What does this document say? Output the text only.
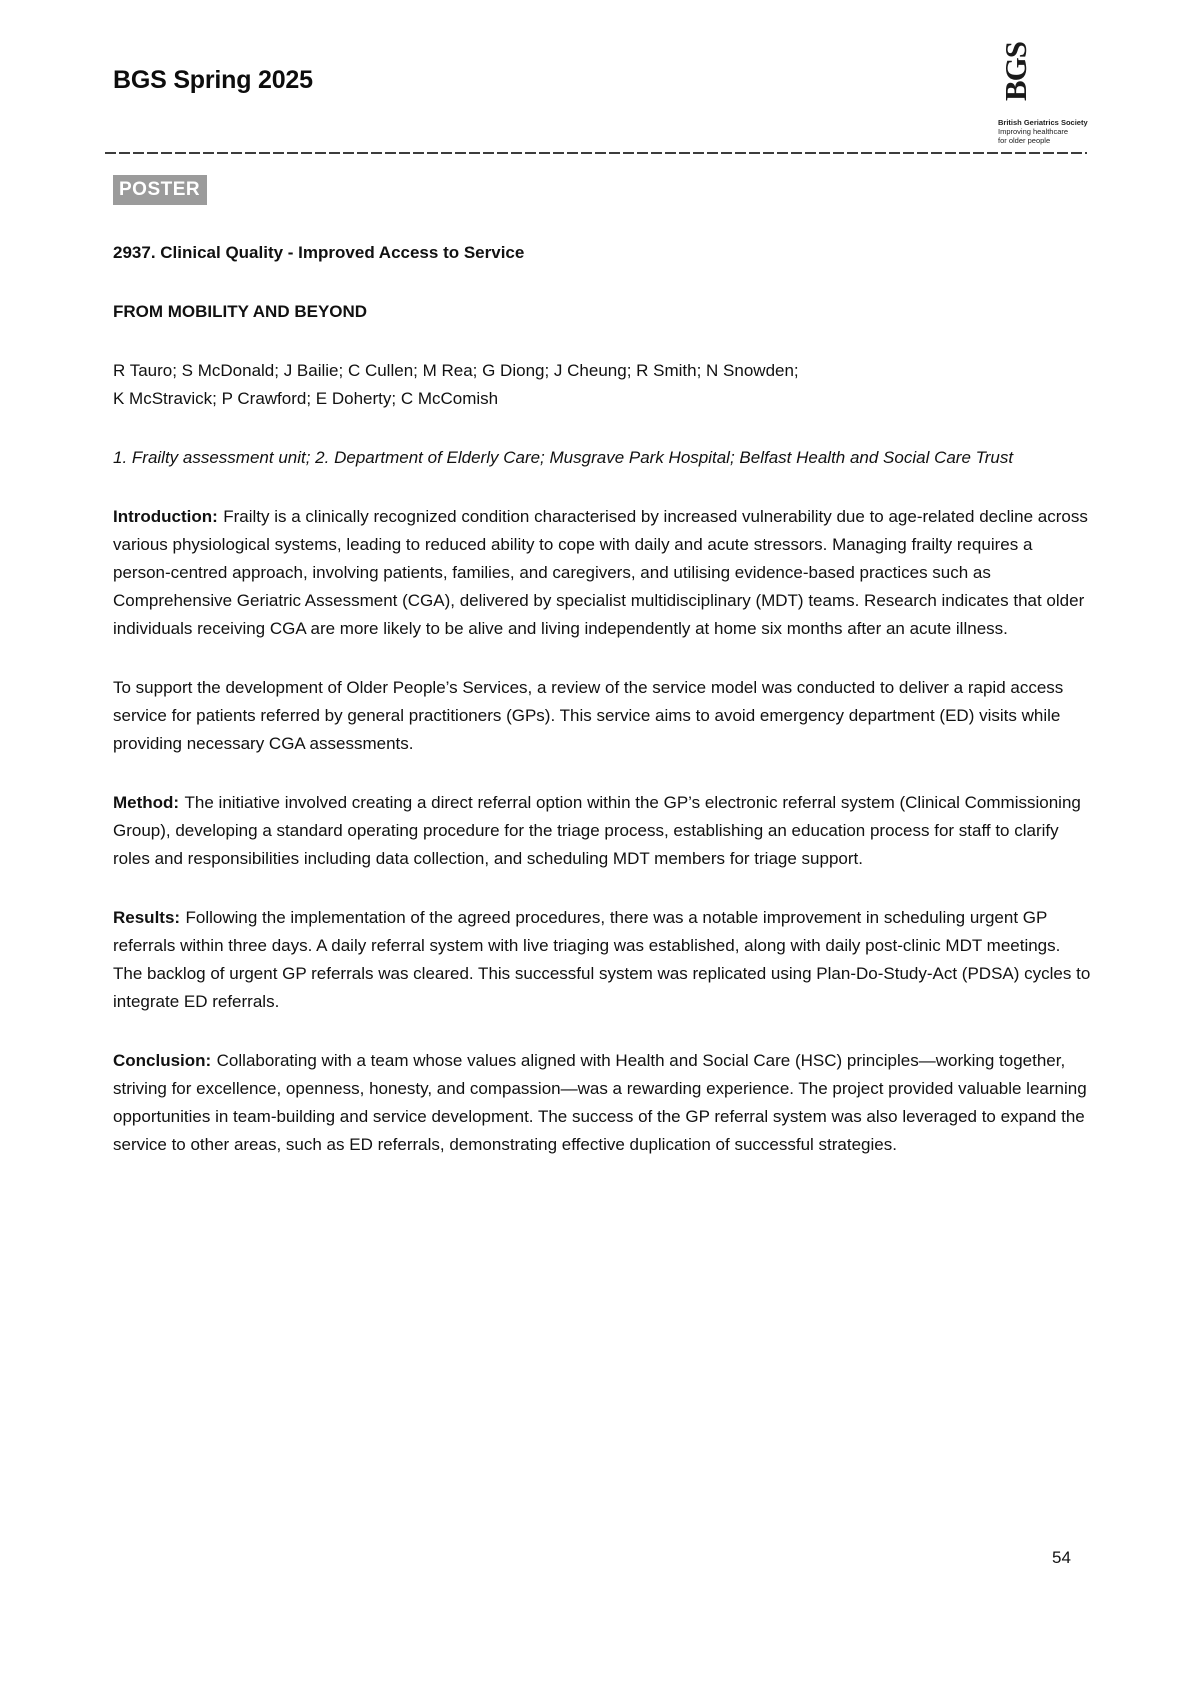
BGS Spring 2025	BGS
British Geriatrics Society
Improving healthcare
for older people
POSTER
2937. Clinical Quality - Improved Access to Service
FROM MOBILITY AND BEYOND
R Tauro; S McDonald; J Bailie; C Cullen; M Rea; G Diong; J Cheung; R Smith; N Snowden;
K McStravick; P Crawford; E Doherty; C McComish
1. Frailty assessment unit; 2. Department of Elderly Care; Musgrave Park Hospital; Belfast Health and Social Care Trust

Introduction: Frailty is a clinically recognized condition characterised by increased vulnerability due to age-related decline across various physiological systems, leading to reduced ability to cope with daily and acute stressors. Managing frailty requires a person-centred approach, involving patients, families, and caregivers, and utilising evidence-based practices such as Comprehensive Geriatric Assessment (CGA), delivered by specialist multidisciplinary (MDT) teams. Research indicates that older individuals receiving CGA are more likely to be alive and living independently at home six months after an acute illness.

To support the development of Older People’s Services, a review of the service model was conducted to deliver a rapid access service for patients referred by general practitioners (GPs). This service aims to avoid emergency department (ED) visits while providing necessary CGA assessments.

Method: The initiative involved creating a direct referral option within the GP’s electronic referral system (Clinical Commissioning Group), developing a standard operating procedure for the triage process, establishing an education process for staff to clarify roles and responsibilities including data collection, and scheduling MDT members for triage support.

Results: Following the implementation of the agreed procedures, there was a notable improvement in scheduling urgent GP referrals within three days. A daily referral system with live triaging was established, along with daily post-clinic MDT meetings. The backlog of urgent GP referrals was cleared. This successful system was replicated using Plan-Do-Study-Act (PDSA) cycles to integrate ED referrals.

Conclusion: Collaborating with a team whose values aligned with Health and Social Care (HSC) principles—working together, striving for excellence, openness, honesty, and compassion—was a rewarding experience. The project provided valuable learning opportunities in team-building and service development. The success of the GP referral system was also leveraged to expand the service to other areas, such as ED referrals, demonstrating effective duplication of successful strategies.

54
